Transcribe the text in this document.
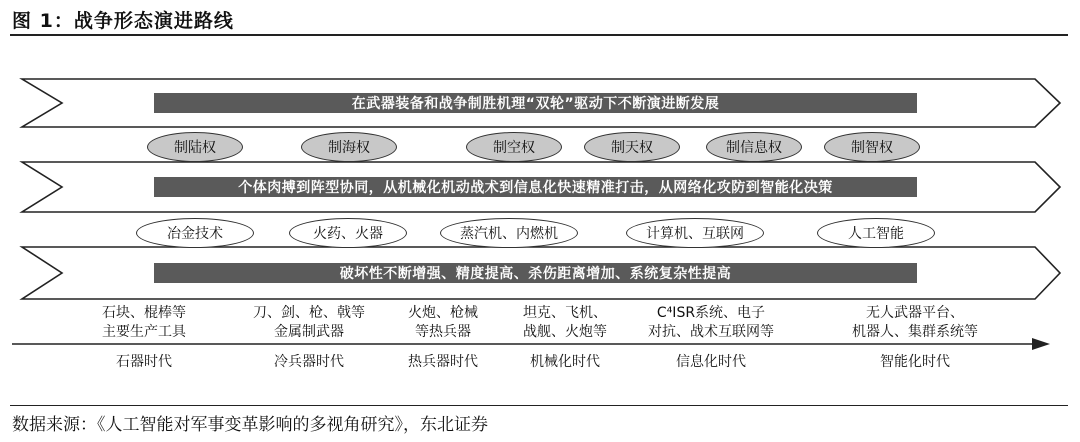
图 1：战争形态演进路线
在武器装备和战争制胜机理“双轮”驱动下不断演进断发展
个体肉搏到阵型协同，从机械化机动战术到信息化快速精准打击，从网络化攻防到智能化决策
破坏性不断增强、精度提高、杀伤距离增加、系统复杂性提高
制陆权	制海权	制空权	制天权	制信息权	制智权
冶金技术	火药、火器	蒸汽机、内燃机	计算机、互联网	人工智能
石块、棍棒等
主要生产工具
刀、剑、枪、戟等
金属制武器
火炮、枪械
等热兵器
坦克、飞机、
战舰、火炮等
C⁴ISR系统、电子
对抗、战术互联网等
无人武器平台、
机器人、集群系统等
石器时代	冷兵器时代	热兵器时代	机械化时代	信息化时代	智能化时代
数据来源：《人工智能对军事变革影响的多视角研究》，东北证券
